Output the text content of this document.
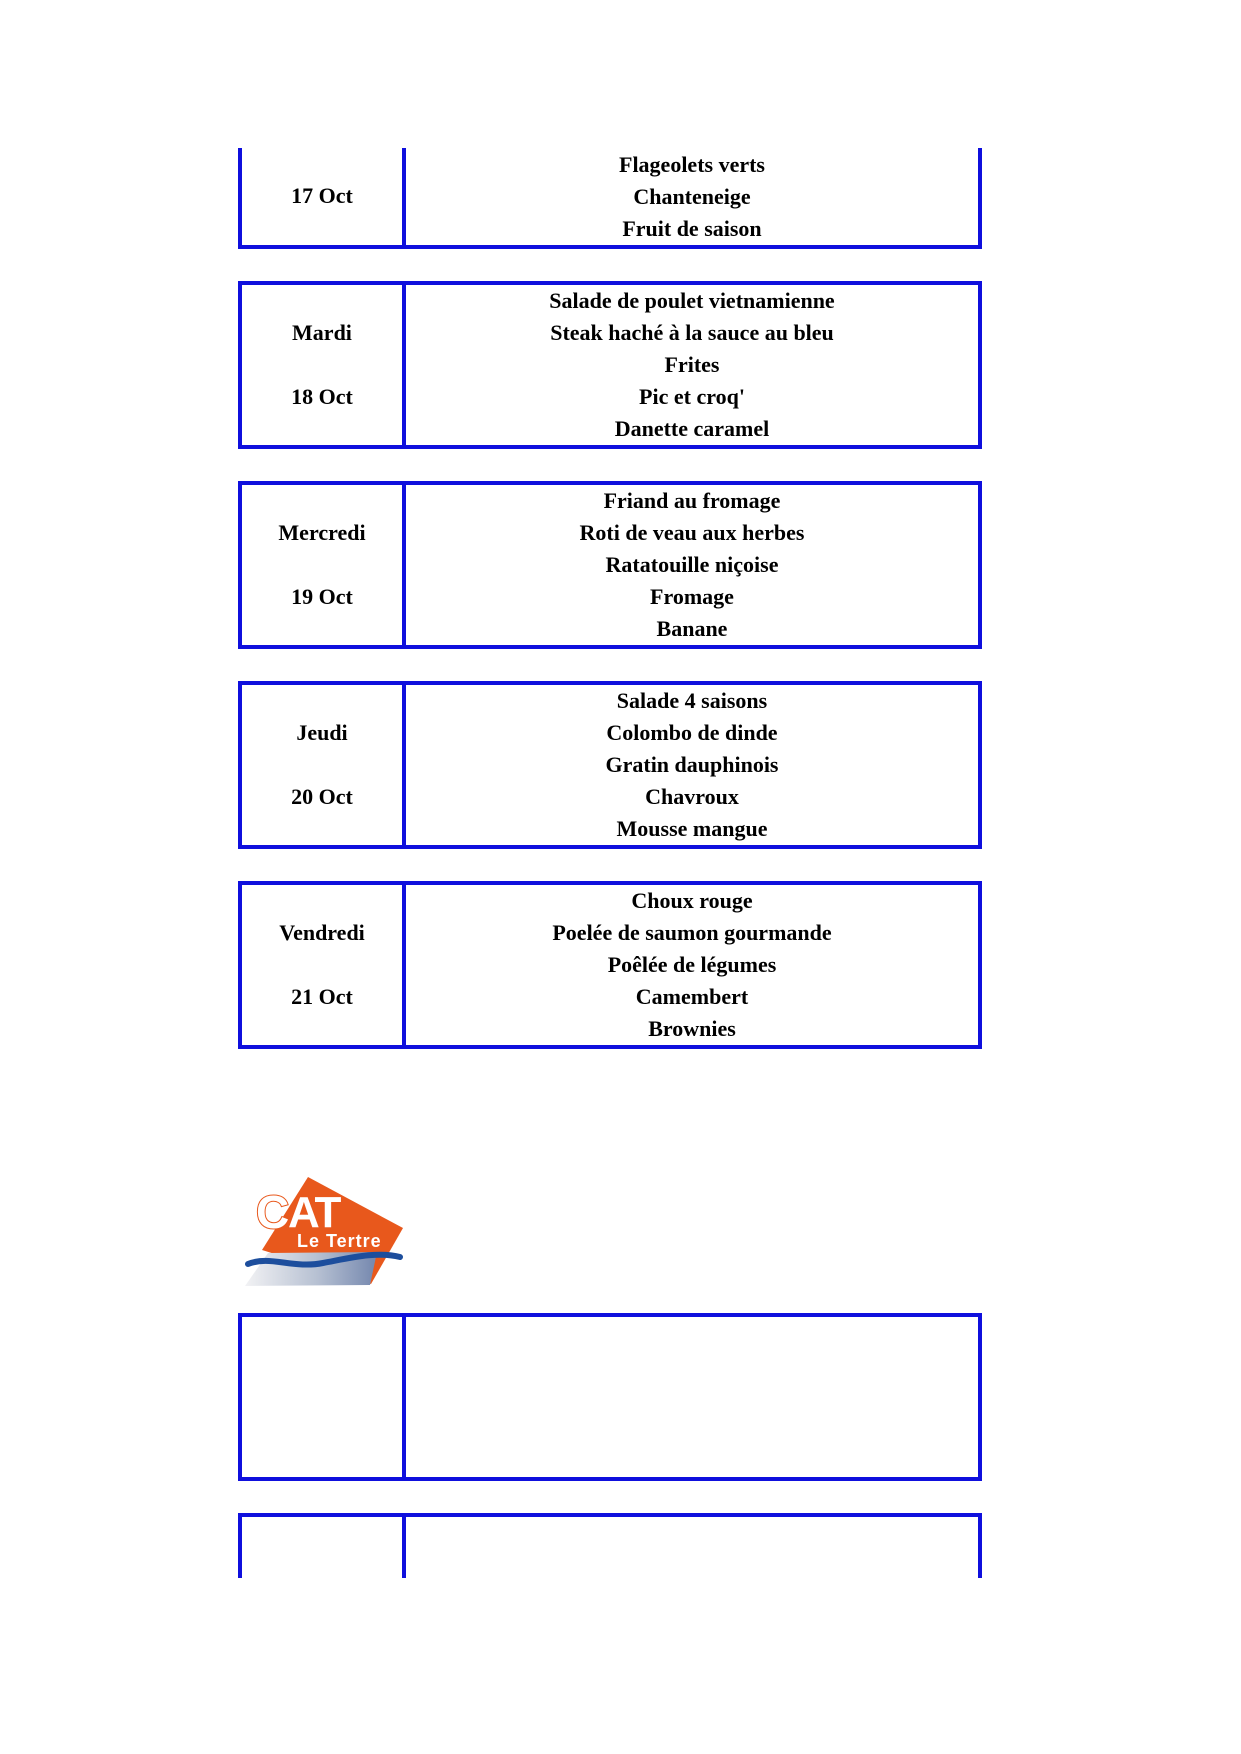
C
AT
Le Tertre
17 Oct
Flageolets verts
Chanteneige
Fruit de saison
Mardi
18 Oct
Salade de poulet vietnamienne
Steak haché à la sauce au bleu
Frites
Pic et croq'
Danette caramel
Mercredi
19 Oct
Friand au fromage
Roti de veau aux herbes
Ratatouille niçoise
Fromage
Banane
Jeudi
20 Oct
Salade 4 saisons
Colombo de dinde
Gratin dauphinois
Chavroux
Mousse mangue
Vendredi
21 Oct
Choux rouge
Poelée de saumon gourmande
Poêlée de légumes
Camembert
Brownies
